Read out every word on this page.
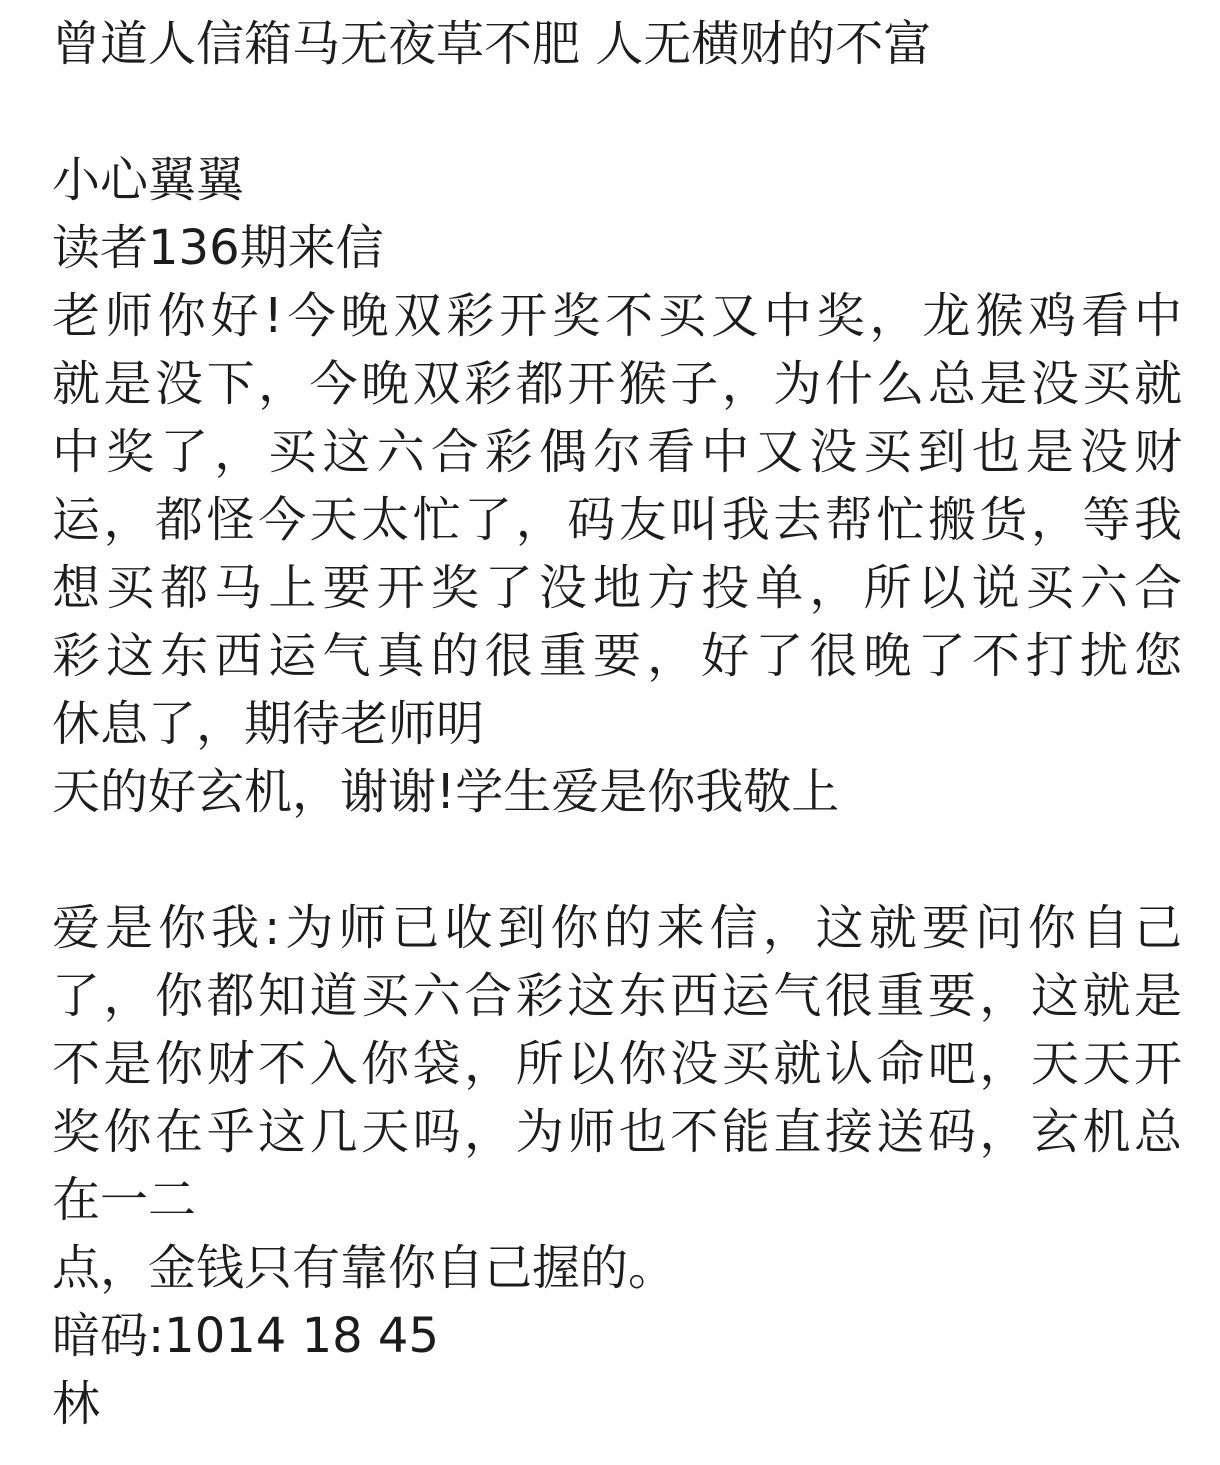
曾道人信箱马无夜草不肥 人无横财的不富
小心翼翼
读者136期来信
老师你好!今晚双彩开奖不买又中奖，龙猴鸡看中
就是没下，今晚双彩都开猴子，为什么总是没买就
中奖了，买这六合彩偶尔看中又没买到也是没财
运，都怪今天太忙了，码友叫我去帮忙搬货，等我
想买都马上要开奖了没地方投单，所以说买六合
彩这东西运气真的很重要，好了很晚了不打扰您
休息了，期待老师明
天的好玄机，谢谢!学生爱是你我敬上
爱是你我:为师已收到你的来信，这就要问你自己
了，你都知道买六合彩这东西运气很重要，这就是
不是你财不入你袋，所以你没买就认命吧，天天开
奖你在乎这几天吗，为师也不能直接送码，玄机总
在一二
点，金钱只有靠你自己握的。
暗码:1014 18 45
林
